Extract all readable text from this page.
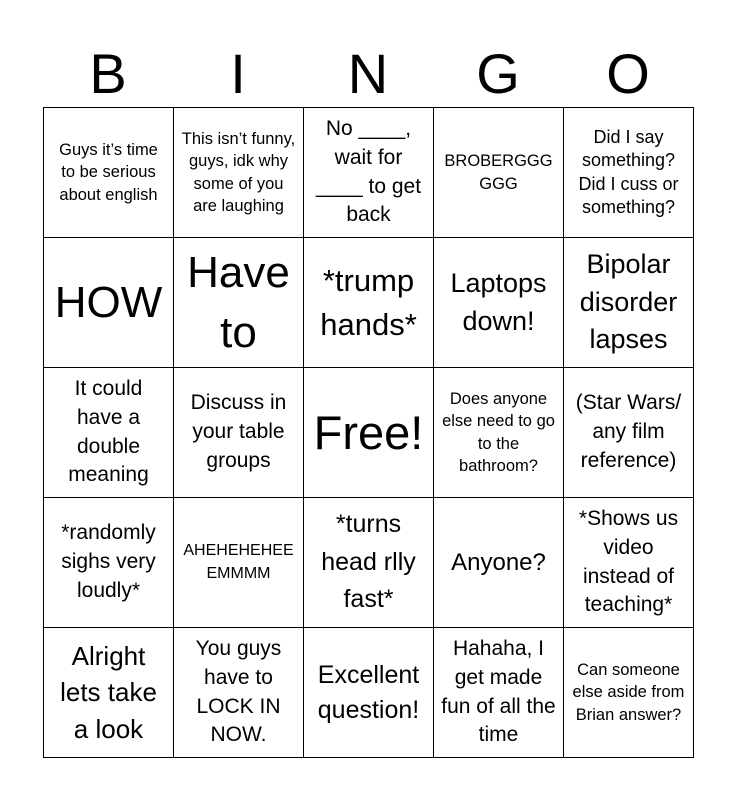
B	I	N	G	O
Guys it’s time to be serious about english	This isn’t funny, guys, idk why some of you are laughing	No ____, wait for ____ to get back	BROBERGGGGGG	Did I say something? Did I cuss or something?

HOW	Have to	*trump hands*	Laptops down!	Bipolar disorder lapses

It could have a double meaning	Discuss in your table groups	Free!	Does anyone else need to go to the bathroom?	(Star Wars/ any film reference)

*randomly sighs very loudly*	AHEHEHEHEEEMMMM	*turns head rlly fast*	Anyone?	*Shows us video instead of teaching*

Alright lets take a look	You guys have to LOCK IN NOW.	Excellent question!	Hahaha, I get made fun of all the time	Can someone else aside from Brian answer?
